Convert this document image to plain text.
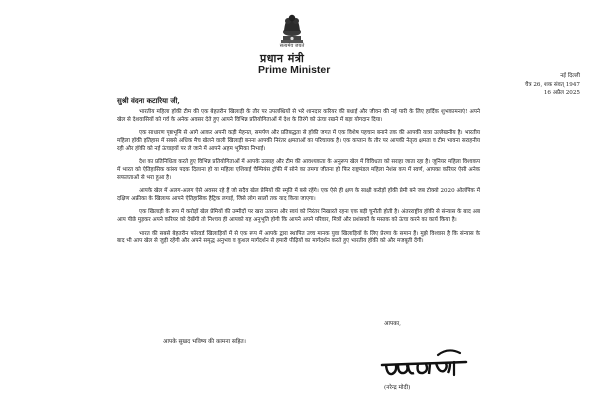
सत्यमेव जयते
प्रधान मंत्री
Prime Minister	नई दिल्ली
चैत्र 26, शक संवत् 1947
16 अप्रैल 2025
सुश्री वंदना कटारिया जी,

भारतीय महिला हॉकी टीम की एक बेहतरीन खिलाड़ी के तौर पर उपलब्धियों से भरे शानदार करियर की बधाई और जीवन की नई पारी के लिए हार्दिक शुभकामनाएं! अपने खेल से देशवासियों को गर्व के अनेक अवसर देते हुए आपने विभिन्न प्रतियोगिताओं में देश के तिरंगे को ऊंचा रखने में बड़ा योगदान दिया।

एक साधारण पृष्ठभूमि से आगे आकर अपनी कड़ी मेहनत, समर्पण और प्रतिबद्धता से हॉकी जगत में एक विशेष पहचान बनाने तक की आपकी यात्रा उल्लेखनीय है। भारतीय महिला हॉकी इतिहास में सबसे अधिक मैच खेलने वाली खिलाड़ी बनना आपकी निरंतर क्षमताओं का परिचायक है। एक कप्तान के तौर पर आपकी नेतृत्व क्षमता व टीम भावना सराहनीय रही और हॉकी को नई ऊंचाइयों पर ले जाने में आपने अहम भूमिका निभाई।

देश का प्रतिनिधित्व करते हुए विभिन्न प्रतियोगिताओं में आपके उत्साह और टीम की आवश्यकता के अनुरूप खेल में विविधता को सराहा जाता रहा है। जूनियर महिला विश्वकप में भारत को ऐतिहासिक कांस्य पदक दिलाना हो या महिला एशियाई चैम्पियंस ट्रॉफी में सोने का तमगा जीतना हो फिर राष्ट्रमंडल महिला नेशंस कप में स्वर्ण, आपका करियर ऐसी अनेक सफलताओं से भरा हुआ है।

आपके खेल में अलग-अलग ऐसे अवसर रहे हैं जो सदैव खेल प्रेमियों की स्मृति में बसे रहेंगे। एक ऐसे ही क्षण के साक्षी करोड़ों हॉकी प्रेमी बने जब टोक्यो 2020 ओलंपिक में दक्षिण अफ्रीका के खिलाफ आपने ऐतिहासिक हैट्रिक लगाई, जिसे लोग सालों तक याद किया जाएगा।

एक खिलाड़ी के रूप में करोड़ों खेल प्रेमियों की उम्मीदों पर खरा उतरना और स्वयं को निरंतर निखारते रहना एक बड़ी चुनौती होती है। अंतरराष्ट्रीय हॉकी से संन्यास के बाद अब आप पीछे मुड़कर अपने करियर को देखेंगी तो निश्चय ही आपको यह अनुभूति होगी कि आपने अपने परिवार, मित्रों और प्रशंसकों के मस्तक को ऊंचा करने का कार्य किया है।

भारत की सबसे बेहतरीन फॉरवर्ड खिलाड़ियों में से एक रूप में आपके द्वारा स्थापित उच्च मानक युवा खिलाड़ियों के लिए प्रेरणा के समान हैं। मुझे विश्वास है कि संन्यास के बाद भी आप खेल से जुड़ी रहेंगी और अपने समृद्ध अनुभव व कुशल मार्गदर्शन से हमारी पीढ़ियों का मार्गदर्शन करते हुए भारतीय हॉकी को और मजबूती देंगी।

आपका,
आपके सुखद भविष्य की कामना सहित।
(नरेन्द्र मोदी)
